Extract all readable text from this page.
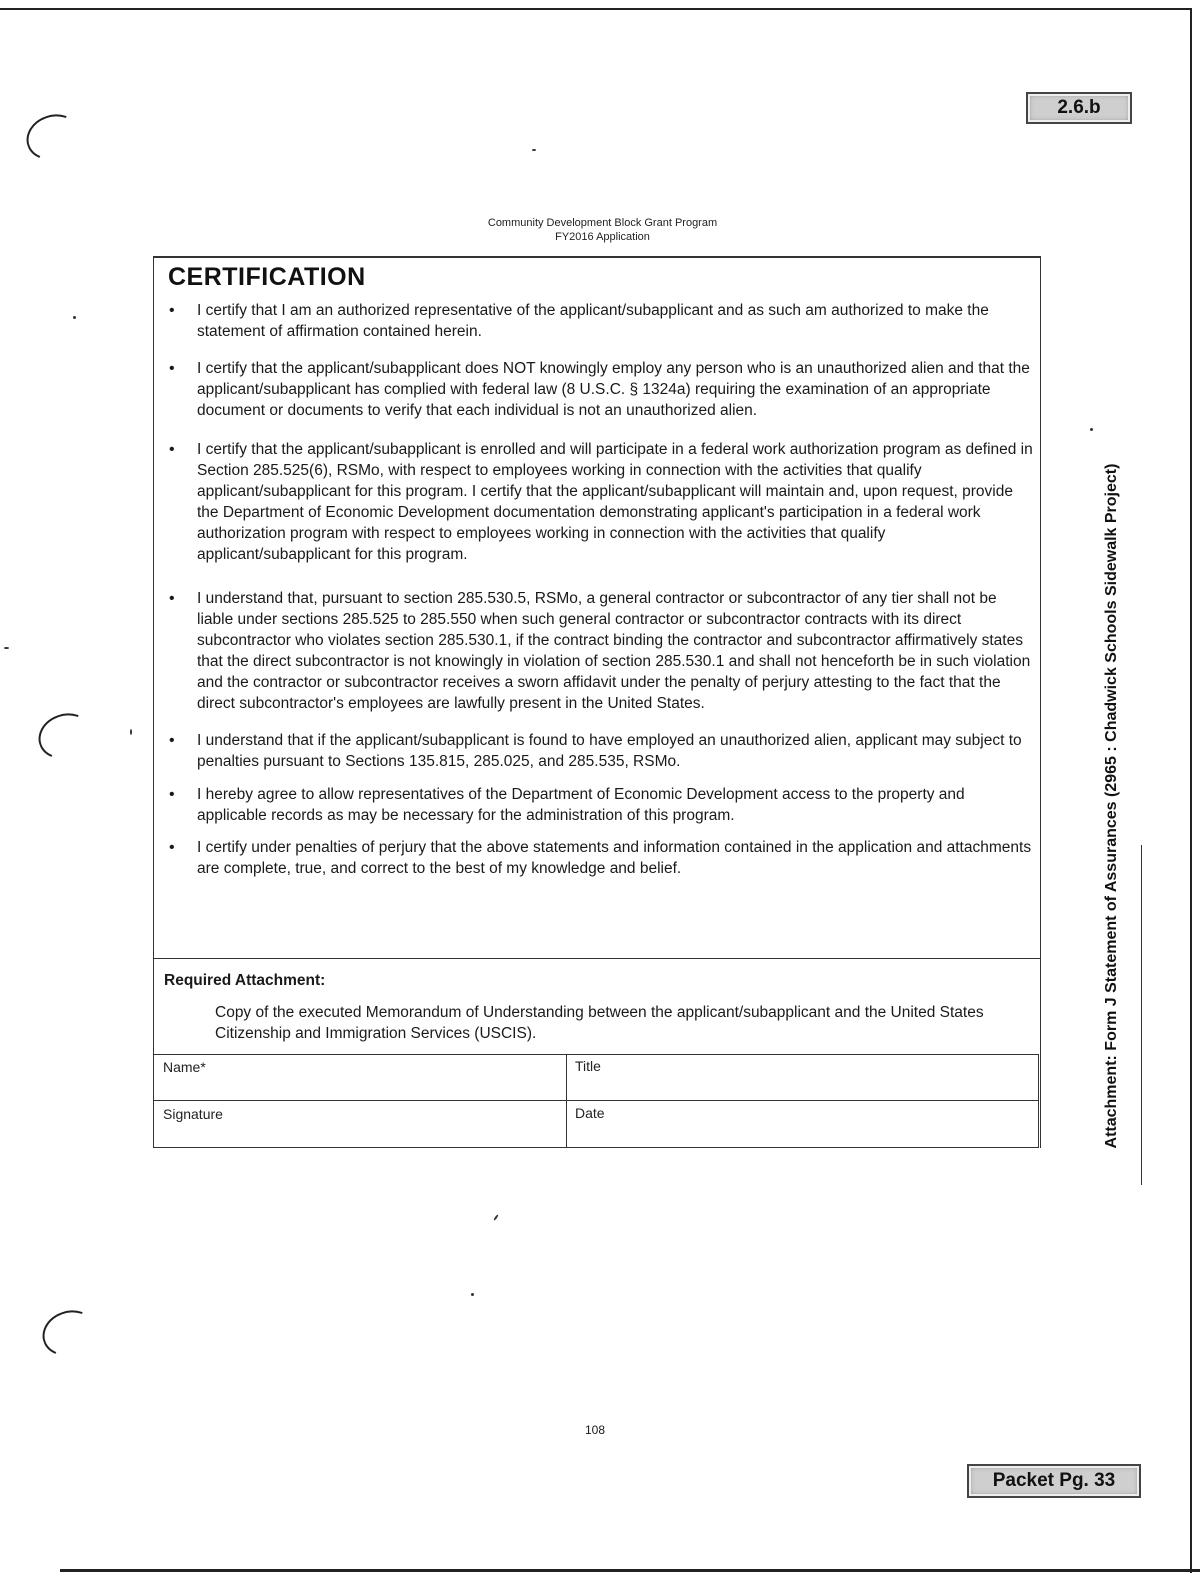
2.6.b
Packet Pg. 33
Attachment: Form J Statement of Assurances (2965 : Chadwick Schools Sidewalk Project)
Community Development Block Grant Program
FY2016 Application
CERTIFICATION
• I certify that I am an authorized representative of the applicant/subapplicant and as such am authorized to make the statement of affirmation contained herein.
• I certify that the applicant/subapplicant does NOT knowingly employ any person who is an unauthorized alien and that the applicant/subapplicant has complied with federal law (8 U.S.C. § 1324a) requiring the examination of an appropriate document or documents to verify that each individual is not an unauthorized alien.
• I certify that the applicant/subapplicant is enrolled and will participate in a federal work authorization program as defined in Section 285.525(6), RSMo, with respect to employees working in connection with the activities that qualify applicant/subapplicant for this program. I certify that the applicant/subapplicant will maintain and, upon request, provide the Department of Economic Development documentation demonstrating applicant's participation in a federal work authorization program with respect to employees working in connection with the activities that qualify applicant/subapplicant for this program.
• I understand that, pursuant to section 285.530.5, RSMo, a general contractor or subcontractor of any tier shall not be liable under sections 285.525 to 285.550 when such general contractor or subcontractor contracts with its direct subcontractor who violates section 285.530.1, if the contract binding the contractor and subcontractor affirmatively states that the direct subcontractor is not knowingly in violation of section 285.530.1 and shall not henceforth be in such violation and the contractor or subcontractor receives a sworn affidavit under the penalty of perjury attesting to the fact that the direct subcontractor's employees are lawfully present in the United States.
• I understand that if the applicant/subapplicant is found to have employed an unauthorized alien, applicant may subject to penalties pursuant to Sections 135.815, 285.025, and 285.535, RSMo.
• I hereby agree to allow representatives of the Department of Economic Development access to the property and applicable records as may be necessary for the administration of this program.
• I certify under penalties of perjury that the above statements and information contained in the application and attachments are complete, true, and correct to the best of my knowledge and belief.
Required Attachment:
Copy of the executed Memorandum of Understanding between the applicant/subapplicant and the United States Citizenship and Immigration Services (USCIS).
Name*	Title
Signature	Date
108
